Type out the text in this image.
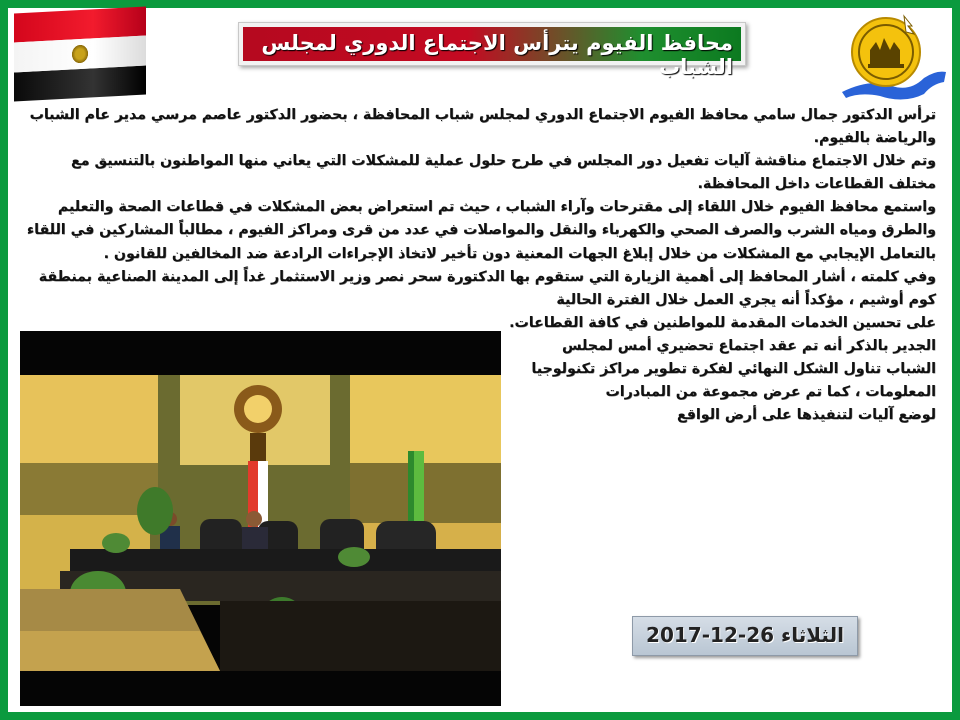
محافظ الفيوم يترأس الاجتماع الدوري لمجلس الشباب

ترأس الدكتور جمال سامي محافظ الفيوم الاجتماع الدوري لمجلس شباب المحافظة ، بحضور الدكتور عاصم مرسي مدير عام الشباب والرياضة بالفيوم.

وتم خلال الاجتماع مناقشة آليات تفعيل دور المجلس في طرح حلول عملية للمشكلات التي يعاني منها المواطنون بالتنسيق مع مختلف القطاعات داخل المحافظة.

واستمع محافظ الفيوم خلال اللقاء إلى مقترحات وآراء الشباب ، حيث تم استعراض بعض المشكلات في قطاعات الصحة والتعليم والطرق ومياه الشرب والصرف الصحي والكهرباء والنقل والمواصلات في عدد من قرى ومراكز الفيوم ، مطالباً المشاركين في اللقاء بالتعامل الإيجابي مع المشكلات من خلال إبلاغ الجهات المعنية دون تأخير لاتخاذ الإجراءات الرادعة ضد المخالفين للقانون .

وفي كلمته ، أشار المحافظ إلى أهمية الزيارة التي ستقوم بها الدكتورة سحر نصر وزير الاستثمار غداً إلى المدينة الصناعية بمنطقة كوم أوشيم ، مؤكداً أنه يجري العمل خلال الفترة الحالية

على تحسين الخدمات المقدمة للمواطنين في كافة القطاعات.

الجدير بالذكر أنه تم عقد اجتماع تحضيري أمس لمجلس

الشباب تناول الشكل النهائي لفكرة تطوير مراكز تكنولوجيا

المعلومات ، كما تم عرض مجموعة من المبادرات

لوضع آليات لتنفيذها على أرض الواقع

الثلاثاء 26-12-2017
